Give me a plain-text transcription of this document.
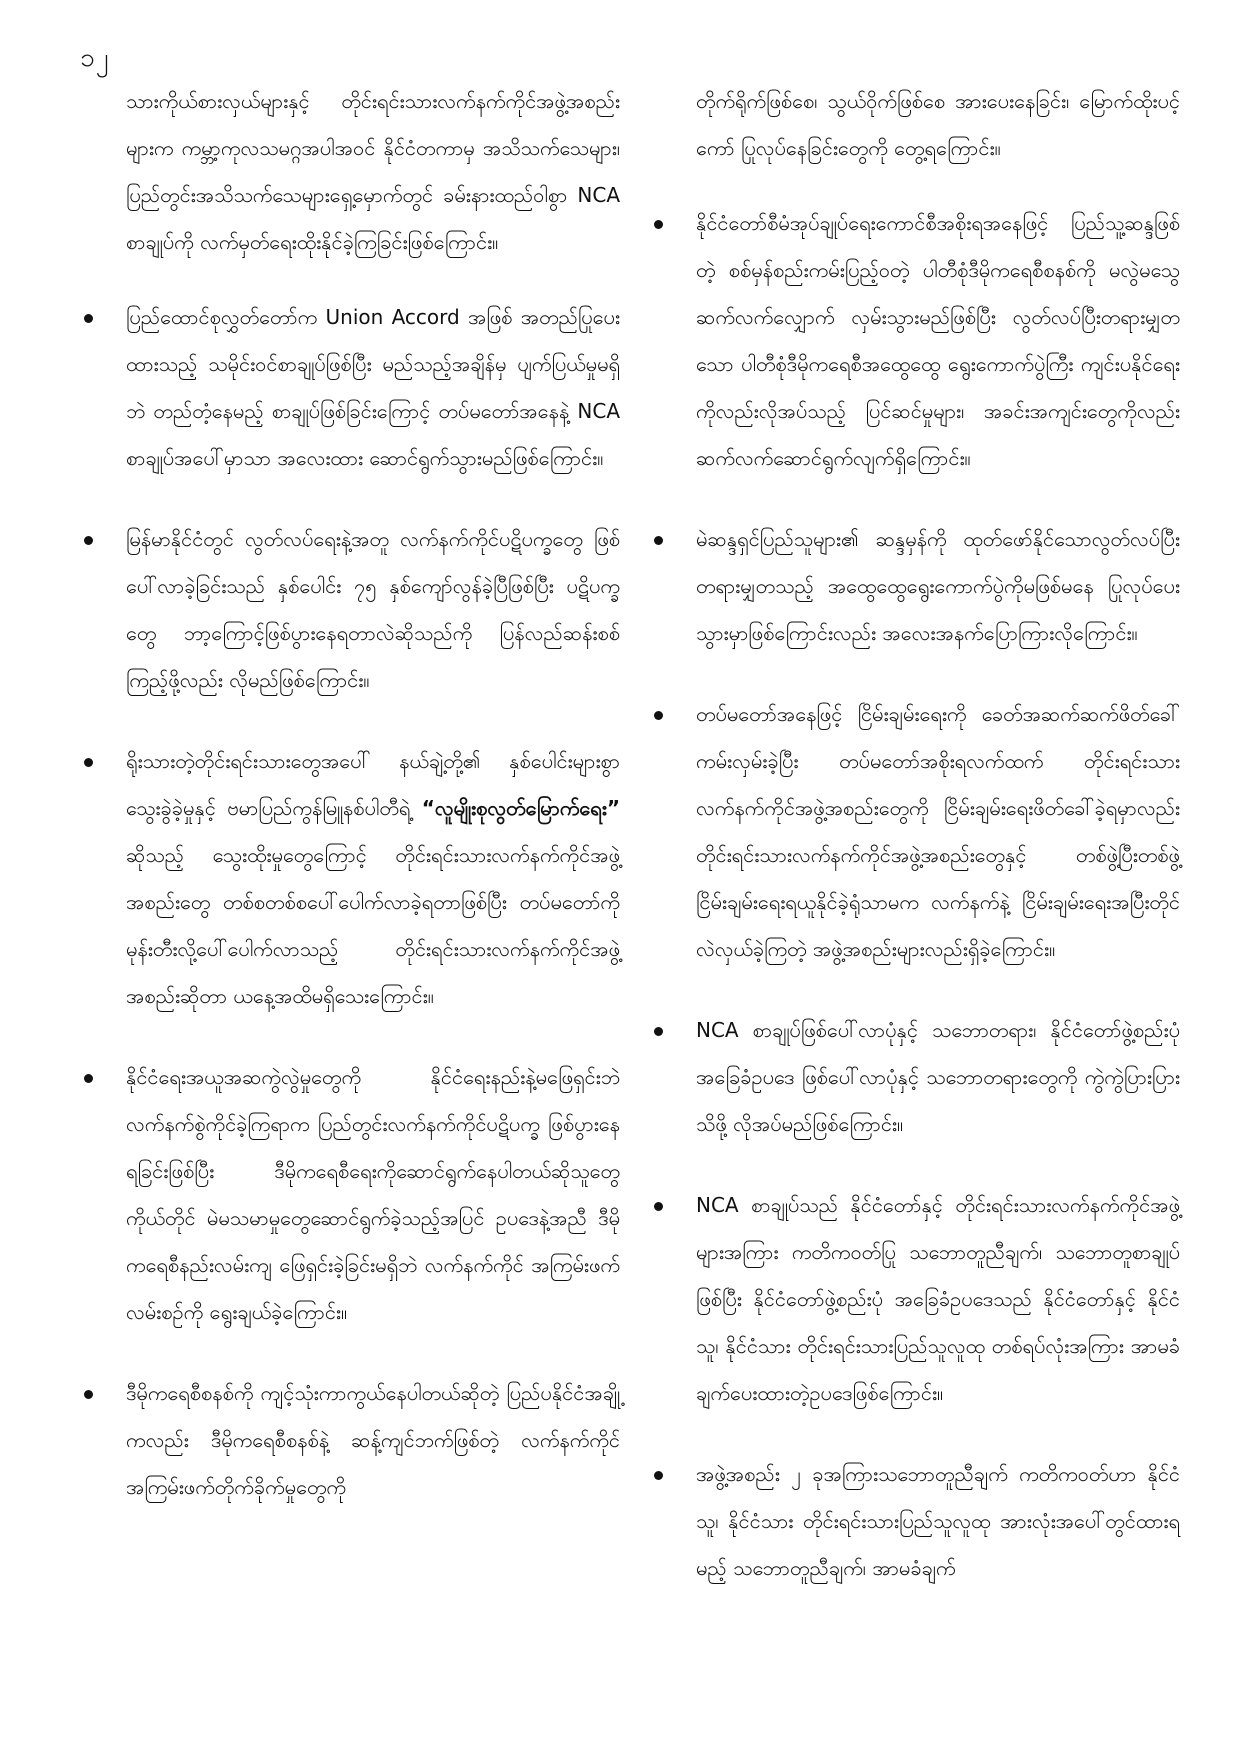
၁၂

သားကိုယ်စားလှယ်များနှင့် တိုင်းရင်းသားလက်နက်ကိုင်အဖွဲ့အစည်းများက ကမ္ဘာ့ကုလသမဂ္ဂအပါအဝင် နိုင်ငံတကာမှ အသိသက်သေများ၊ ပြည်တွင်းအသိသက်သေများရှေ့မှောက်တွင် ခမ်းနားထည်ဝါစွာ NCA စာချုပ်ကို လက်မှတ်ရေးထိုးနိုင်ခဲ့ကြခြင်းဖြစ်ကြောင်း။

ပြည်ထောင်စုလွှတ်တော်က Union Accord အဖြစ် အတည်ပြုပေးထားသည့် သမိုင်းဝင်စာချုပ်ဖြစ်ပြီး မည်သည့်အချိန်မှ ပျက်ပြယ်မှုမရှိဘဲ တည်တံ့နေမည့် စာချုပ်ဖြစ်ခြင်းကြောင့် တပ်မတော်အနေနဲ့ NCA စာချုပ်အပေါ်မှာသာ အလေးထား ဆောင်ရွက်သွားမည်ဖြစ်ကြောင်း။

မြန်မာနိုင်ငံတွင် လွတ်လပ်ရေးနဲ့အတူ လက်နက်ကိုင်ပဋိပက္ခတွေ ဖြစ်ပေါ်လာခဲ့ခြင်းသည် နှစ်ပေါင်း ၇၅ နှစ်ကျော်လွန်ခဲ့ပြီဖြစ်ပြီး ပဋိပက္ခတွေ ဘာ့ကြောင့်ဖြစ်ပွားနေရတာလဲဆိုသည်ကို ပြန်လည်ဆန်းစစ်ကြည့်ဖို့လည်း လိုမည်ဖြစ်ကြောင်း။

ရိုးသားတဲ့တိုင်းရင်းသားတွေအပေါ် နယ်ချဲ့တို့၏ နှစ်ပေါင်းများစွာသွေးခွဲခဲ့မှုနှင့် ဗမာပြည်ကွန်မြူနစ်ပါတီရဲ့ “လူမျိုးစုလွတ်မြောက်ရေး” ဆိုသည့် သွေးထိုးမှုတွေကြောင့် တိုင်းရင်းသားလက်နက်ကိုင်အဖွဲ့အစည်းတွေ တစ်စတစ်စပေါ်ပေါက်လာခဲ့ရတာဖြစ်ပြီး တပ်မတော်ကို မုန်းတီးလို့ပေါ်ပေါက်လာသည့် တိုင်းရင်းသားလက်နက်ကိုင်အဖွဲ့အစည်းဆိုတာ ယနေ့အထိမရှိသေးကြောင်း။

နိုင်ငံရေးအယူအဆကွဲလွဲမှုတွေကို နိုင်ငံရေးနည်းနဲ့မဖြေရှင်းဘဲ လက်နက်စွဲကိုင်ခဲ့ကြရာက ပြည်တွင်းလက်နက်ကိုင်ပဋိပက္ခ ဖြစ်ပွားနေရခြင်းဖြစ်ပြီး ဒီမိုကရေစီရေးကိုဆောင်ရွက်နေပါတယ်ဆိုသူတွေကိုယ်တိုင် မဲမသမာမှုတွေဆောင်ရွက်ခဲ့သည့်အပြင် ဥပဒေနဲ့အညီ ဒီမိုကရေစီနည်းလမ်းကျ ဖြေရှင်းခဲ့ခြင်းမရှိဘဲ လက်နက်ကိုင် အကြမ်းဖက်လမ်းစဉ်ကို ရွေးချယ်ခဲ့ကြောင်း။

ဒီမိုကရေစီစနစ်ကို ကျင့်သုံးကာကွယ်နေပါတယ်ဆိုတဲ့ ပြည်ပနိုင်ငံအချို့ကလည်း ဒီမိုကရေစီစနစ်နဲ့ ဆန့်ကျင်ဘက်ဖြစ်တဲ့ လက်နက်ကိုင်အကြမ်းဖက်တိုက်ခိုက်မှုတွေကို

တိုက်ရိုက်ဖြစ်စေ၊ သွယ်ဝိုက်ဖြစ်စေ အားပေးနေခြင်း၊ မြောက်ထိုးပင့်ကော် ပြုလုပ်နေခြင်းတွေကို တွေ့ရကြောင်း။

နိုင်ငံတော်စီမံအုပ်ချုပ်ရေးကောင်စီအစိုးရအနေဖြင့် ပြည်သူ့ဆန္ဒဖြစ်တဲ့ စစ်မှန်စည်းကမ်းပြည့်ဝတဲ့ ပါတီစုံဒီမိုကရေစီစနစ်ကို မလွဲမသွေ ဆက်လက်လျှောက် လှမ်းသွားမည်ဖြစ်ပြီး လွတ်လပ်ပြီးတရားမျှတသော ပါတီစုံဒီမိုကရေစီအထွေထွေ ရွေးကောက်ပွဲကြီး ကျင်းပနိုင်ရေးကိုလည်းလိုအပ်သည့် ပြင်ဆင်မှုများ၊ အခင်းအကျင်းတွေကိုလည်းဆက်လက်ဆောင်ရွက်လျက်ရှိကြောင်း။

မဲဆန္ဒရှင်ပြည်သူများ၏ ဆန္ဒမှန်ကို ထုတ်ဖော်နိုင်သောလွတ်လပ်ပြီးတရားမျှတသည့် အထွေထွေရွေးကောက်ပွဲကိုမဖြစ်မနေ ပြုလုပ်ပေးသွားမှာဖြစ်ကြောင်းလည်း အလေးအနက်ပြောကြားလိုကြောင်း။

တပ်မတော်အနေဖြင့် ငြိမ်းချမ်းရေးကို ခေတ်အဆက်ဆက်ဖိတ်ခေါ်ကမ်းလှမ်းခဲ့ပြီး တပ်မတော်အစိုးရလက်ထက် တိုင်းရင်းသားလက်နက်ကိုင်အဖွဲ့အစည်းတွေကို ငြိမ်းချမ်းရေးဖိတ်ခေါ်ခဲ့ရမှာလည်း တိုင်းရင်းသားလက်နက်ကိုင်အဖွဲ့အစည်းတွေနှင့် တစ်ဖွဲ့ပြီးတစ်ဖွဲ့ ငြိမ်းချမ်းရေးရယူနိုင်ခဲ့ရုံသာမက လက်နက်နဲ့ ငြိမ်းချမ်းရေးအပြီးတိုင်လဲလှယ်ခဲ့ကြတဲ့ အဖွဲ့အစည်းများလည်းရှိခဲ့ကြောင်း။

NCA စာချုပ်ဖြစ်ပေါ်လာပုံနှင့် သဘောတရား၊ နိုင်ငံတော်ဖွဲ့စည်းပုံ အခြေခံဥပဒေ ဖြစ်ပေါ်လာပုံနှင့် သဘောတရားတွေကို ကွဲကွဲပြားပြားသိဖို့ လိုအပ်မည်ဖြစ်ကြောင်း။

NCA စာချုပ်သည် နိုင်ငံတော်နှင့် တိုင်းရင်းသားလက်နက်ကိုင်အဖွဲ့များအကြား ကတိကဝတ်ပြု သဘောတူညီချက်၊ သဘောတူစာချုပ်ဖြစ်ပြီး နိုင်ငံတော်ဖွဲ့စည်းပုံ အခြေခံဥပဒေသည် နိုင်ငံတော်နှင့် နိုင်ငံသူ၊ နိုင်ငံသား တိုင်းရင်းသားပြည်သူလူထု တစ်ရပ်လုံးအကြား အာမခံချက်ပေးထားတဲ့ဥပဒေဖြစ်ကြောင်း။

အဖွဲ့အစည်း ၂ ခုအကြားသဘောတူညီချက် ကတိကဝတ်ဟာ နိုင်ငံသူ၊ နိုင်ငံသား တိုင်းရင်းသားပြည်သူလူထု အားလုံးအပေါ်တွင်ထားရမည့် သဘောတူညီချက်၊ အာမခံချက်
